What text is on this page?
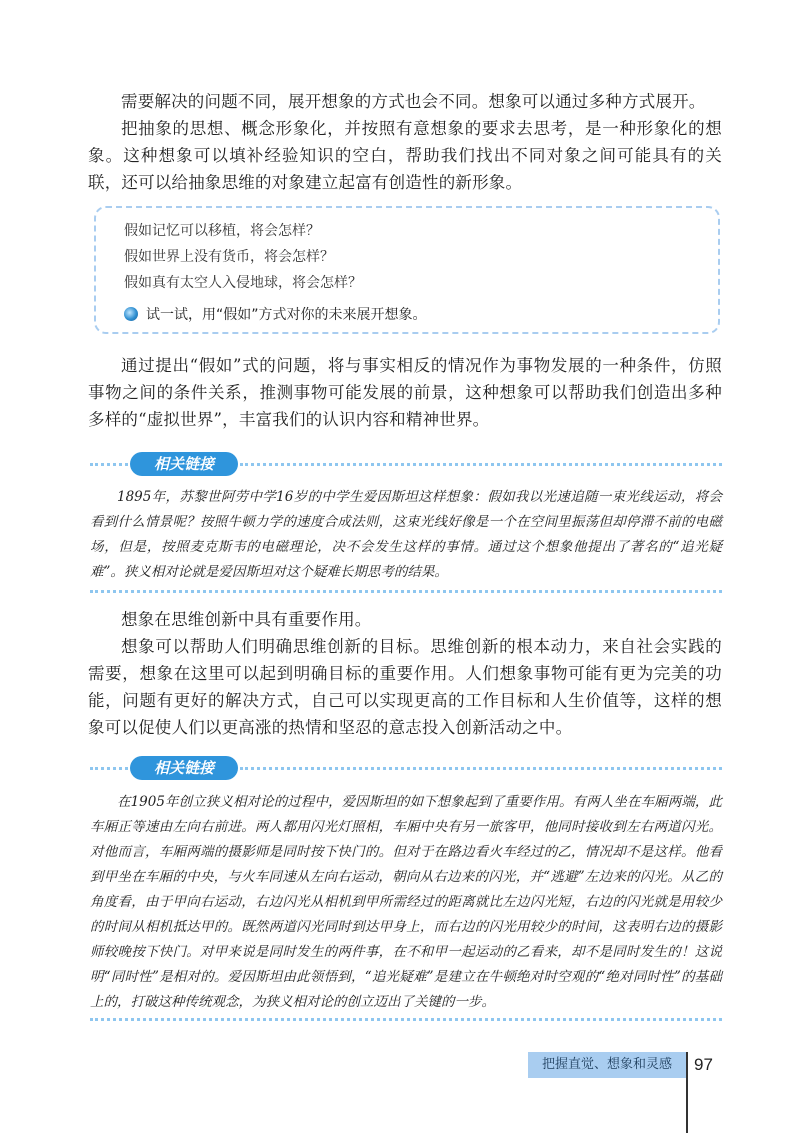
需要解决的问题不同，展开想象的方式也会不同。想象可以通过多种方式展开。

把抽象的思想、概念形象化，并按照有意想象的要求去思考，是一种形象化的想象。这种想象可以填补经验知识的空白，帮助我们找出不同对象之间可能具有的关联，还可以给抽象思维的对象建立起富有创造性的新形象。

假如记忆可以移植，将会怎样？
假如世界上没有货币，将会怎样？
假如真有太空人入侵地球，将会怎样？
试一试，用“假如”方式对你的未来展开想象。

通过提出“假如”式的问题，将与事实相反的情况作为事物发展的一种条件，仿照事物之间的条件关系，推测事物可能发展的前景，这种想象可以帮助我们创造出多种多样的“虚拟世界”，丰富我们的认识内容和精神世界。

相关链接

1895年，苏黎世阿劳中学16岁的中学生爱因斯坦这样想象：假如我以光速追随一束光线运动，将会看到什么情景呢？按照牛顿力学的速度合成法则，这束光线好像是一个在空间里振荡但却停滞不前的电磁场，但是，按照麦克斯韦的电磁理论，决不会发生这样的事情。通过这个想象他提出了著名的“追光疑难”。狭义相对论就是爱因斯坦对这个疑难长期思考的结果。

想象在思维创新中具有重要作用。

想象可以帮助人们明确思维创新的目标。思维创新的根本动力，来自社会实践的需要，想象在这里可以起到明确目标的重要作用。人们想象事物可能有更为完美的功能，问题有更好的解决方式，自己可以实现更高的工作目标和人生价值等，这样的想象可以促使人们以更高涨的热情和坚忍的意志投入创新活动之中。

相关链接

在1905年创立狭义相对论的过程中，爱因斯坦的如下想象起到了重要作用。有两人坐在车厢两端，此车厢正等速由左向右前进。两人都用闪光灯照相，车厢中央有另一旅客甲，他同时接收到左右两道闪光。对他而言，车厢两端的摄影师是同时按下快门的。但对于在路边看火车经过的乙，情况却不是这样。他看到甲坐在车厢的中央，与火车同速从左向右运动，朝向从右边来的闪光，并“逃避”左边来的闪光。从乙的角度看，由于甲向右运动，右边闪光从相机到甲所需经过的距离就比左边闪光短，右边的闪光就是用较少的时间从相机抵达甲的。既然两道闪光同时到达甲身上，而右边的闪光用较少的时间，这表明右边的摄影师较晚按下快门。对甲来说是同时发生的两件事，在不和甲一起运动的乙看来，却不是同时发生的！这说明“同时性”是相对的。爱因斯坦由此领悟到，“追光疑难”是建立在牛顿绝对时空观的“绝对同时性”的基础上的，打破这种传统观念，为狭义相对论的创立迈出了关键的一步。

把握直觉、想象和灵感	97
